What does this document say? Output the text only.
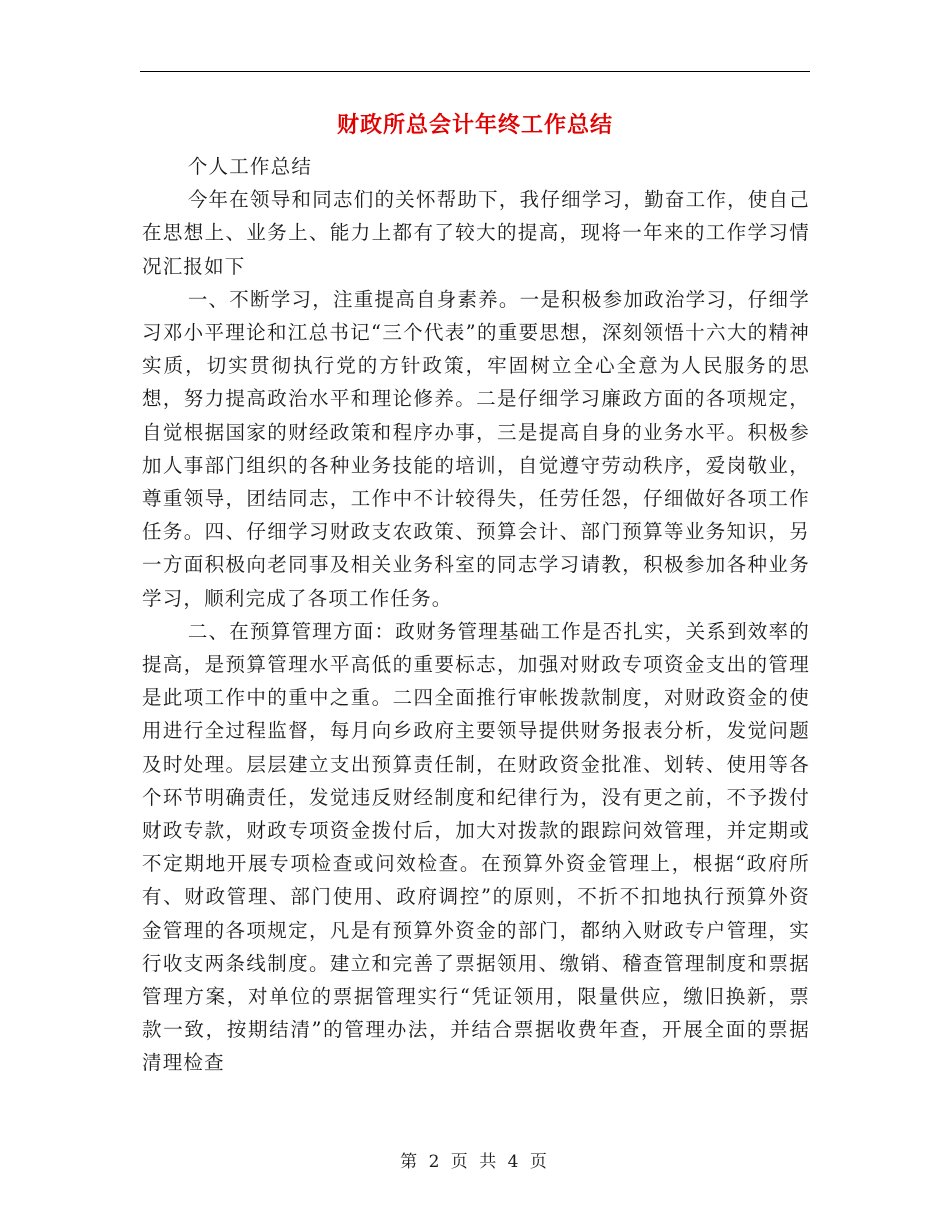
财政所总会计年终工作总结

个人工作总结

今年在领导和同志们的关怀帮助下，我仔细学习，勤奋工作，使自己在思想上、业务上、能力上都有了较大的提高，现将一年来的工作学习情况汇报如下

一、不断学习，注重提高自身素养。一是积极参加政治学习，仔细学习邓小平理论和江总书记“三个代表”的重要思想，深刻领悟十六大的精神实质，切实贯彻执行党的方针政策，牢固树立全心全意为人民服务的思想，努力提高政治水平和理论修养。二是仔细学习廉政方面的各项规定，自觉根据国家的财经政策和程序办事，三是提高自身的业务水平。积极参加人事部门组织的各种业务技能的培训，自觉遵守劳动秩序，爱岗敬业，尊重领导，团结同志，工作中不计较得失，任劳任怨，仔细做好各项工作任务。四、仔细学习财政支农政策、预算会计、部门预算等业务知识，另一方面积极向老同事及相关业务科室的同志学习请教，积极参加各种业务学习，顺利完成了各项工作任务。

二、在预算管理方面：政财务管理基础工作是否扎实，关系到效率的提高，是预算管理水平高低的重要标志，加强对财政专项资金支出的管理是此项工作中的重中之重。二四全面推行审帐拨款制度，对财政资金的使用进行全过程监督，每月向乡政府主要领导提供财务报表分析，发觉问题及时处理。层层建立支出预算责任制，在财政资金批准、划转、使用等各个环节明确责任，发觉违反财经制度和纪律行为，没有更之前，不予拨付财政专款，财政专项资金拨付后，加大对拨款的跟踪问效管理，并定期或不定期地开展专项检查或问效检查。在预算外资金管理上，根据“政府所有、财政管理、部门使用、政府调控”的原则，不折不扣地执行预算外资金管理的各项规定，凡是有预算外资金的部门，都纳入财政专户管理，实行收支两条线制度。建立和完善了票据领用、缴销、稽查管理制度和票据管理方案，对单位的票据管理实行“凭证领用，限量供应，缴旧换新，票款一致，按期结清”的管理办法，并结合票据收费年查，开展全面的票据清理检查

第 2 页 共 4 页
